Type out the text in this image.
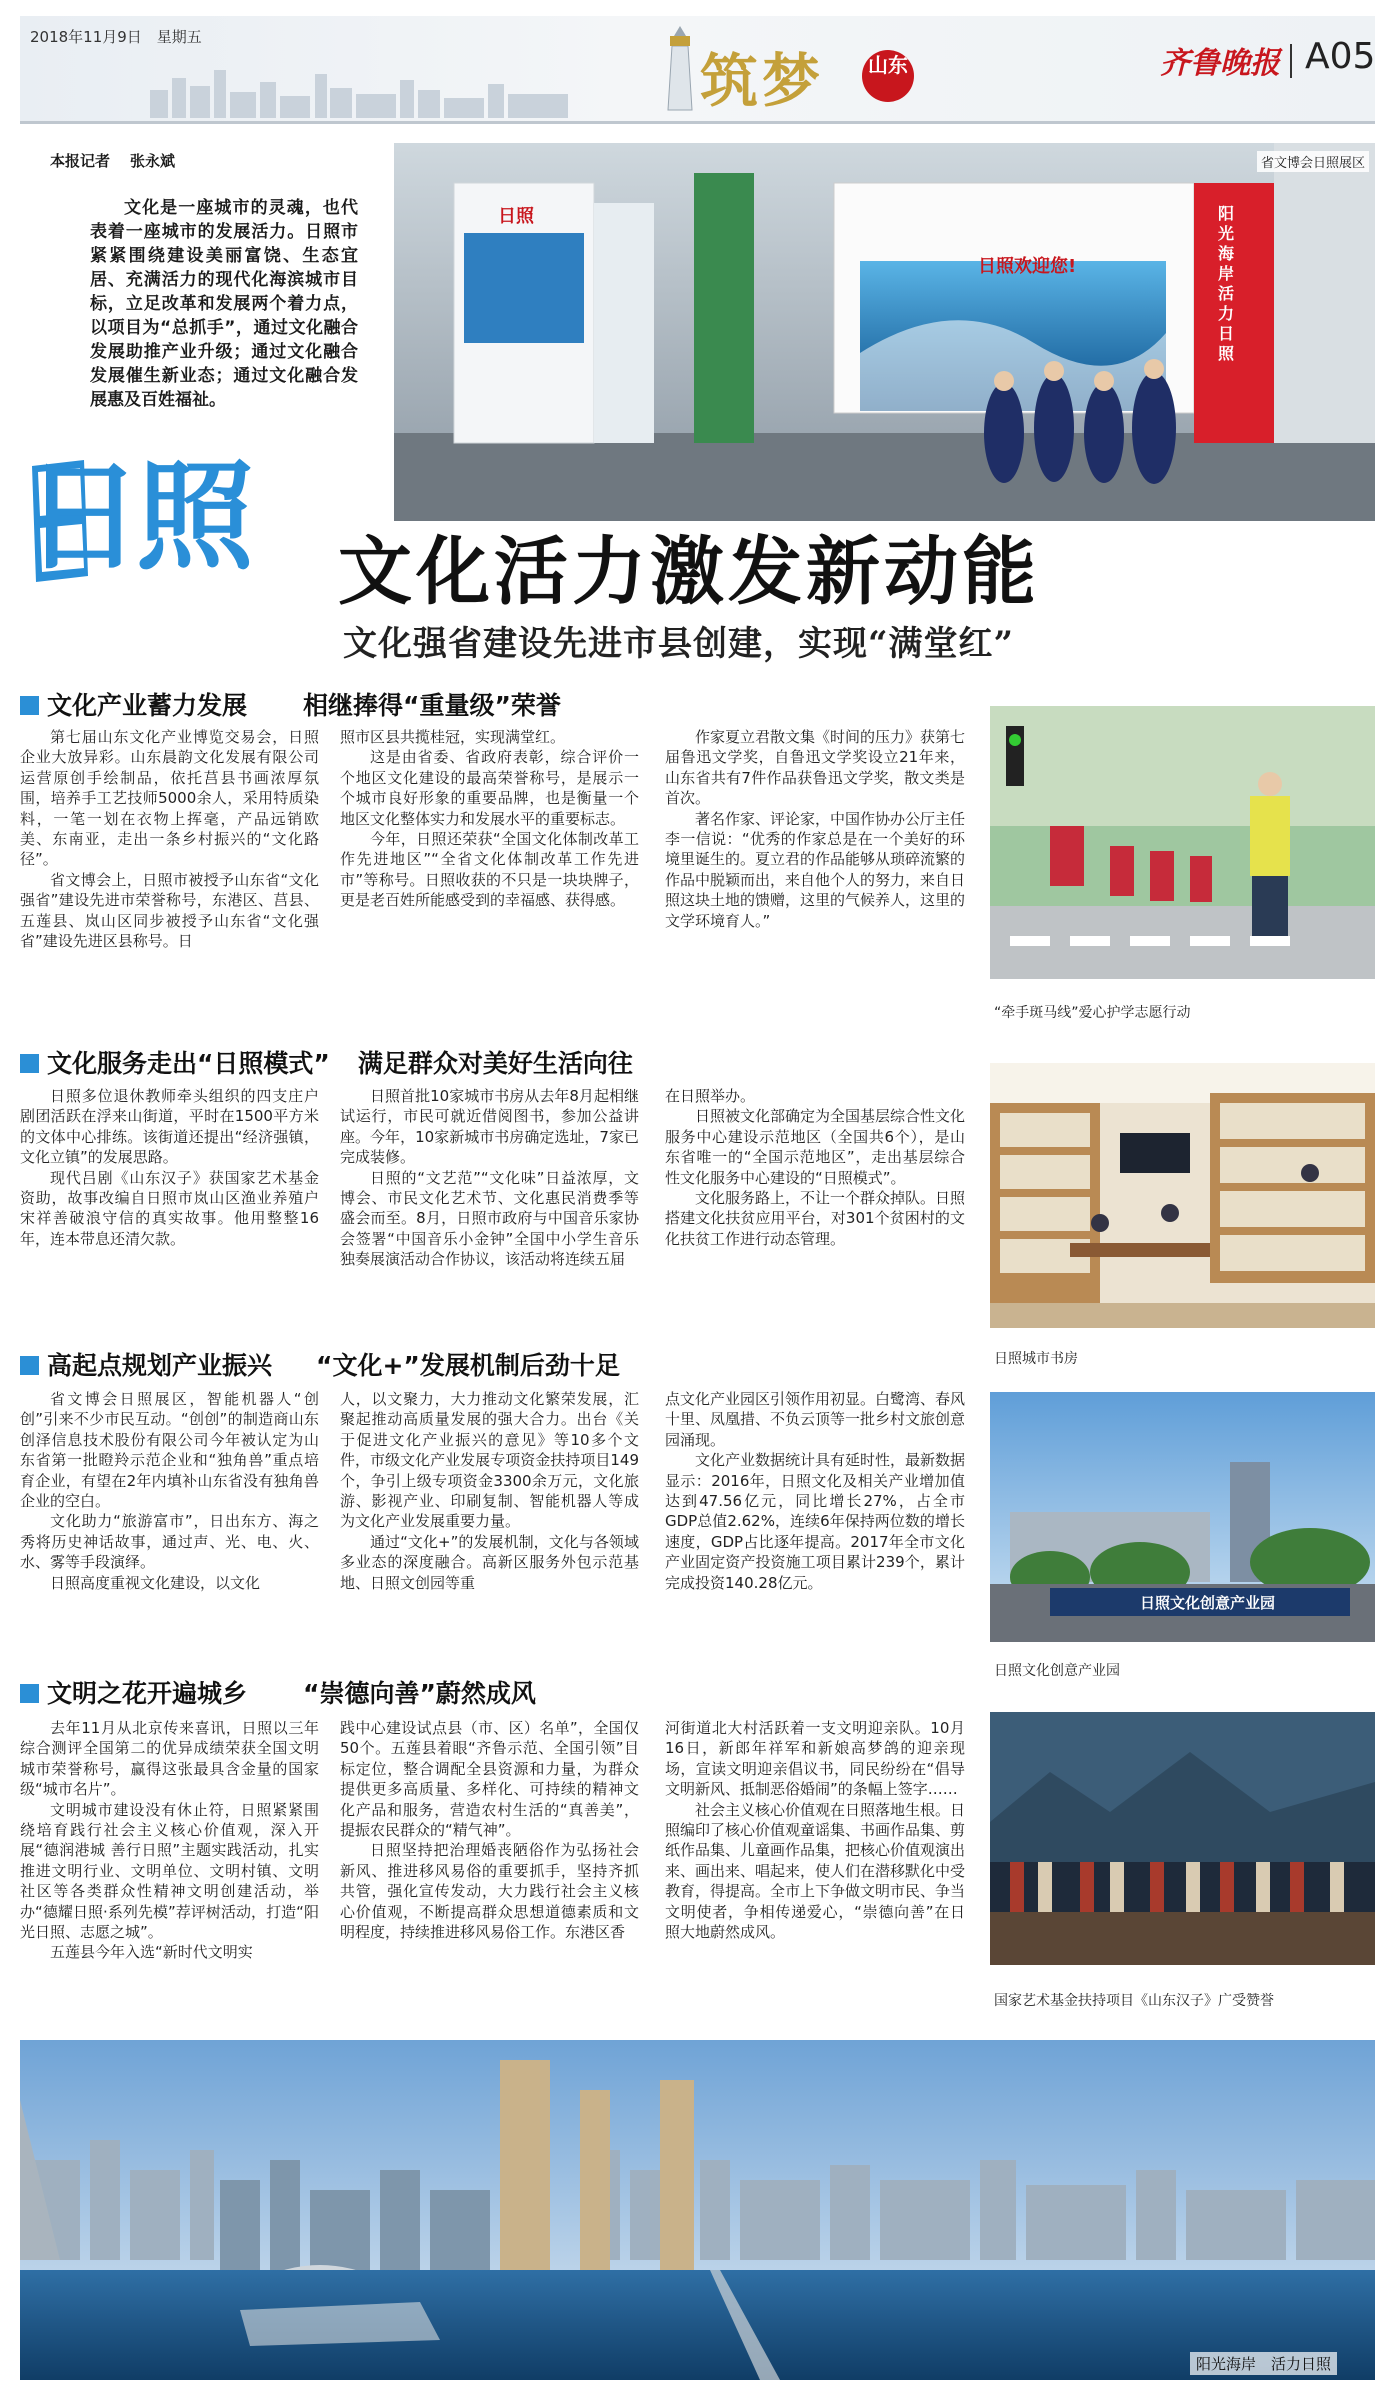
2018年11月9日　星期五
筑梦	山东	齐鲁晚报 A05
本报记者 张永斌
文化是一座城市的灵魂，也代表着一座城市的发展活力。日照市紧紧围绕建设美丽富饶、生态宜居、充满活力的现代化海滨城市目标，立足改革和发展两个着力点，以项目为“总抓手”，通过文化融合发展助推产业升级；通过文化融合发展催生新业态；通过文化融合发展惠及百姓福祉。
日照欢迎您!
阳光海岸 活力日照
日照
省文博会日照展区
日照 文化活力激发新动能
文化强省建设先进市县创建，实现“满堂红”
文化产业蓄力发展 相继捧得“重量级”荣誉

第七届山东文化产业博览交易会，日照企业大放异彩。山东晨韵文化发展有限公司运营原创手绘制品，依托莒县书画浓厚氛围，培养手工艺技师5000余人，采用特质染料，一笔一划在衣物上挥毫，产品远销欧美、东南亚，走出一条乡村振兴的“文化路径”。

省文博会上，日照市被授予山东省“文化强省”建设先进市荣誉称号，东港区、莒县、五莲县、岚山区同步被授予山东省“文化强省”建设先进区县称号。日

照市区县共揽桂冠，实现满堂红。

这是由省委、省政府表彰，综合评价一个地区文化建设的最高荣誉称号，是展示一个城市良好形象的重要品牌，也是衡量一个地区文化整体实力和发展水平的重要标志。

今年，日照还荣获“全国文化体制改革工作先进地区”“全省文化体制改革工作先进市”等称号。日照收获的不只是一块块牌子，更是老百姓所能感受到的幸福感、获得感。

作家夏立君散文集《时间的压力》获第七届鲁迅文学奖，自鲁迅文学奖设立21年来，山东省共有7件作品获鲁迅文学奖，散文类是首次。

著名作家、评论家，中国作协办公厅主任李一信说：“优秀的作家总是在一个美好的环境里诞生的。夏立君的作品能够从琐碎流繁的作品中脱颖而出，来自他个人的努力，来自日照这块土地的馈赠，这里的气候养人，这里的文学环境育人。”

“牵手斑马线”爱心护学志愿行动
文化服务走出“日照模式” 满足群众对美好生活向往

日照多位退休教师牵头组织的四支庄户剧团活跃在浮来山街道，平时在1500平方米的文体中心排练。该街道还提出“经济强镇，文化立镇”的发展思路。

现代吕剧《山东汉子》获国家艺术基金资助，故事改编自日照市岚山区渔业养殖户宋祥善破浪守信的真实故事。他用整整16年，连本带息还清欠款。

日照首批10家城市书房从去年8月起相继试运行，市民可就近借阅图书，参加公益讲座。今年，10家新城市书房确定选址，7家已完成装修。

日照的“文艺范”“文化味”日益浓厚，文博会、市民文化艺术节、文化惠民消费季等盛会而至。8月，日照市政府与中国音乐家协会签署“中国音乐小金钟”全国中小学生音乐独奏展演活动合作协议，该活动将连续五届

在日照举办。

日照被文化部确定为全国基层综合性文化服务中心建设示范地区（全国共6个），是山东省唯一的“全国示范地区”，走出基层综合性文化服务中心建设的“日照模式”。

文化服务路上，不让一个群众掉队。日照搭建文化扶贫应用平台，对301个贫困村的文化扶贫工作进行动态管理。

日照城市书房
高起点规划产业振兴 “文化+”发展机制后劲十足

省文博会日照展区，智能机器人“创创”引来不少市民互动。“创创”的制造商山东创泽信息技术股份有限公司今年被认定为山东省第一批瞪羚示范企业和“独角兽”重点培育企业，有望在2年内填补山东省没有独角兽企业的空白。

文化助力“旅游富市”，日出东方、海之秀将历史神话故事，通过声、光、电、火、水、雾等手段演绎。

日照高度重视文化建设，以文化

人，以文聚力，大力推动文化繁荣发展，汇聚起推动高质量发展的强大合力。出台《关于促进文化产业振兴的意见》等10多个文件，市级文化产业发展专项资金扶持项目149个，争引上级专项资金3300余万元，文化旅游、影视产业、印刷复制、智能机器人等成为文化产业发展重要力量。

通过“文化+”的发展机制，文化与各领域多业态的深度融合。高新区服务外包示范基地、日照文创园等重

点文化产业园区引领作用初显。白鹭湾、春风十里、凤凰措、不负云顶等一批乡村文旅创意园涌现。

文化产业数据统计具有延时性，最新数据显示：2016年，日照文化及相关产业增加值达到47.56亿元，同比增长27%，占全市GDP总值2.62%，连续6年保持两位数的增长速度，GDP占比逐年提高。2017年全市文化产业固定资产投资施工项目累计239个，累计完成投资140.28亿元。

日照文化创意产业园
日照文化创意产业园
文明之花开遍城乡 “崇德向善”蔚然成风

去年11月从北京传来喜讯，日照以三年综合测评全国第二的优异成绩荣获全国文明城市荣誉称号，赢得这张最具含金量的国家级“城市名片”。

文明城市建设没有休止符，日照紧紧围绕培育践行社会主义核心价值观，深入开展“德润港城 善行日照”主题实践活动，扎实推进文明行业、文明单位、文明村镇、文明社区等各类群众性精神文明创建活动，举办“德耀日照·系列先模”荐评树活动，打造“阳光日照、志愿之城”。

五莲县今年入选“新时代文明实

践中心建设试点县（市、区）名单”，全国仅50个。五莲县着眼“齐鲁示范、全国引领”目标定位，整合调配全县资源和力量，为群众提供更多高质量、多样化、可持续的精神文化产品和服务，营造农村生活的“真善美”，提振农民群众的“精气神”。

日照坚持把治理婚丧陋俗作为弘扬社会新风、推进移风易俗的重要抓手，坚持齐抓共管，强化宣传发动，大力践行社会主义核心价值观，不断提高群众思想道德素质和文明程度，持续推进移风易俗工作。东港区香

河街道北大村活跃着一支文明迎亲队。10月16日，新郎年祥军和新娘高梦鸽的迎亲现场，宣读文明迎亲倡议书，同民纷纷在“倡导文明新风、抵制恶俗婚闹”的条幅上签字……

社会主义核心价值观在日照落地生根。日照编印了核心价值观童谣集、书画作品集、剪纸作品集、儿童画作品集，把核心价值观演出来、画出来、唱起来，使人们在潜移默化中受教育，得提高。全市上下争做文明市民、争当文明使者，争相传递爱心，“崇德向善”在日照大地蔚然成风。

国家艺术基金扶持项目《山东汉子》广受赞誉
阳光海岸　活力日照
